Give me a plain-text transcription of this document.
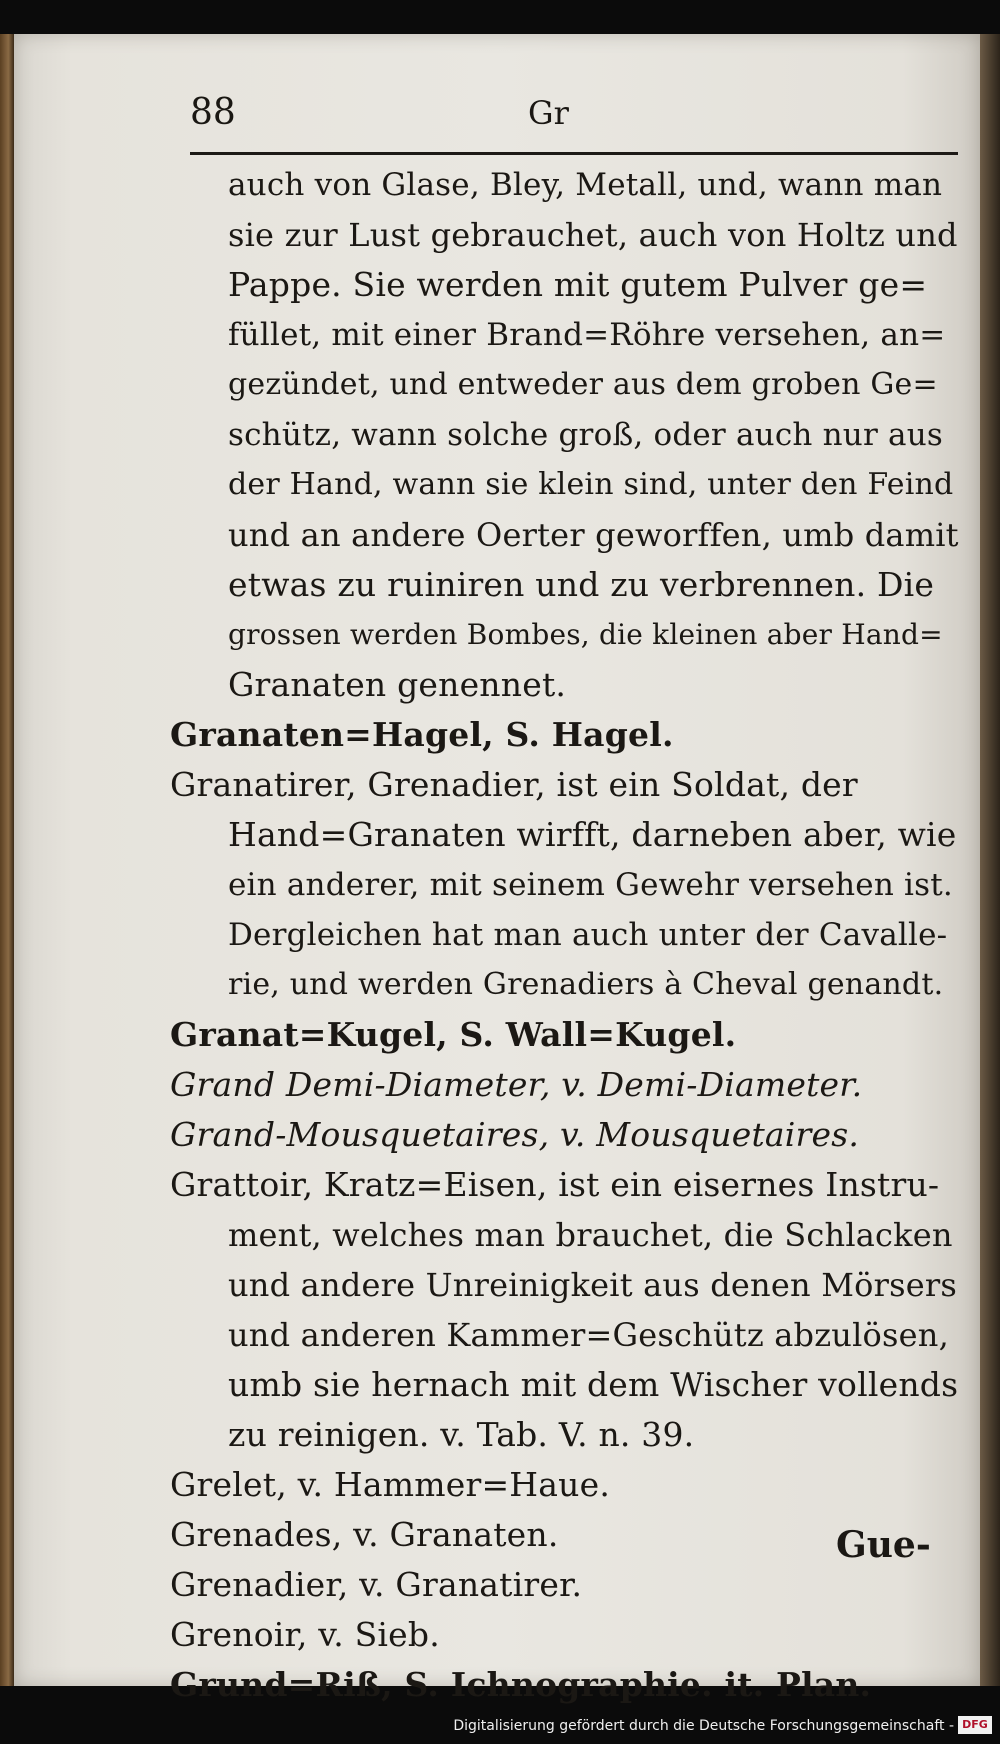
88	Gr
auch von Glase, Bley, Metall, und, wann man
sie zur Lust gebrauchet, auch von Holtz und
Pappe. Sie werden mit gutem Pulver ge=
füllet, mit einer Brand=Röhre versehen, an=
gezündet, und entweder aus dem groben Ge=
schütz, wann solche groß, oder auch nur aus
der Hand, wann sie klein sind, unter den Feind
und an andere Oerter geworffen, umb damit
etwas zu ruiniren und zu verbrennen. Die
grossen werden Bombes, die kleinen aber Hand=
Granaten genennet.
Granaten=Hagel, S. Hagel.
Granatirer, Grenadier, ist ein Soldat, der
Hand=Granaten wirfft, darneben aber, wie
ein anderer, mit seinem Gewehr versehen ist.
Dergleichen hat man auch unter der Cavalle-
rie, und werden Grenadiers à Cheval genandt.
Granat=Kugel, S. Wall=Kugel.
Grand Demi-Diameter, v. Demi-Diameter.
Grand-Mousquetaires, v. Mousquetaires.
Grattoir, Kratz=Eisen, ist ein eisernes Instru-
ment, welches man brauchet, die Schlacken
und andere Unreinigkeit aus denen Mörsers
und anderen Kammer=Geschütz abzulösen,
umb sie hernach mit dem Wischer vollends
zu reinigen. v. Tab. V. n. 39.
Grelet, v. Hammer=Haue.
Grenades, v. Granaten.
Grenadier, v. Granatirer.
Grenoir, v. Sieb.
Grund=Riß, S. Ichnographie. it. Plan.
Gue-
Digitalisierung gefördert durch die Deutsche Forschungsgemeinschaft - DFG
